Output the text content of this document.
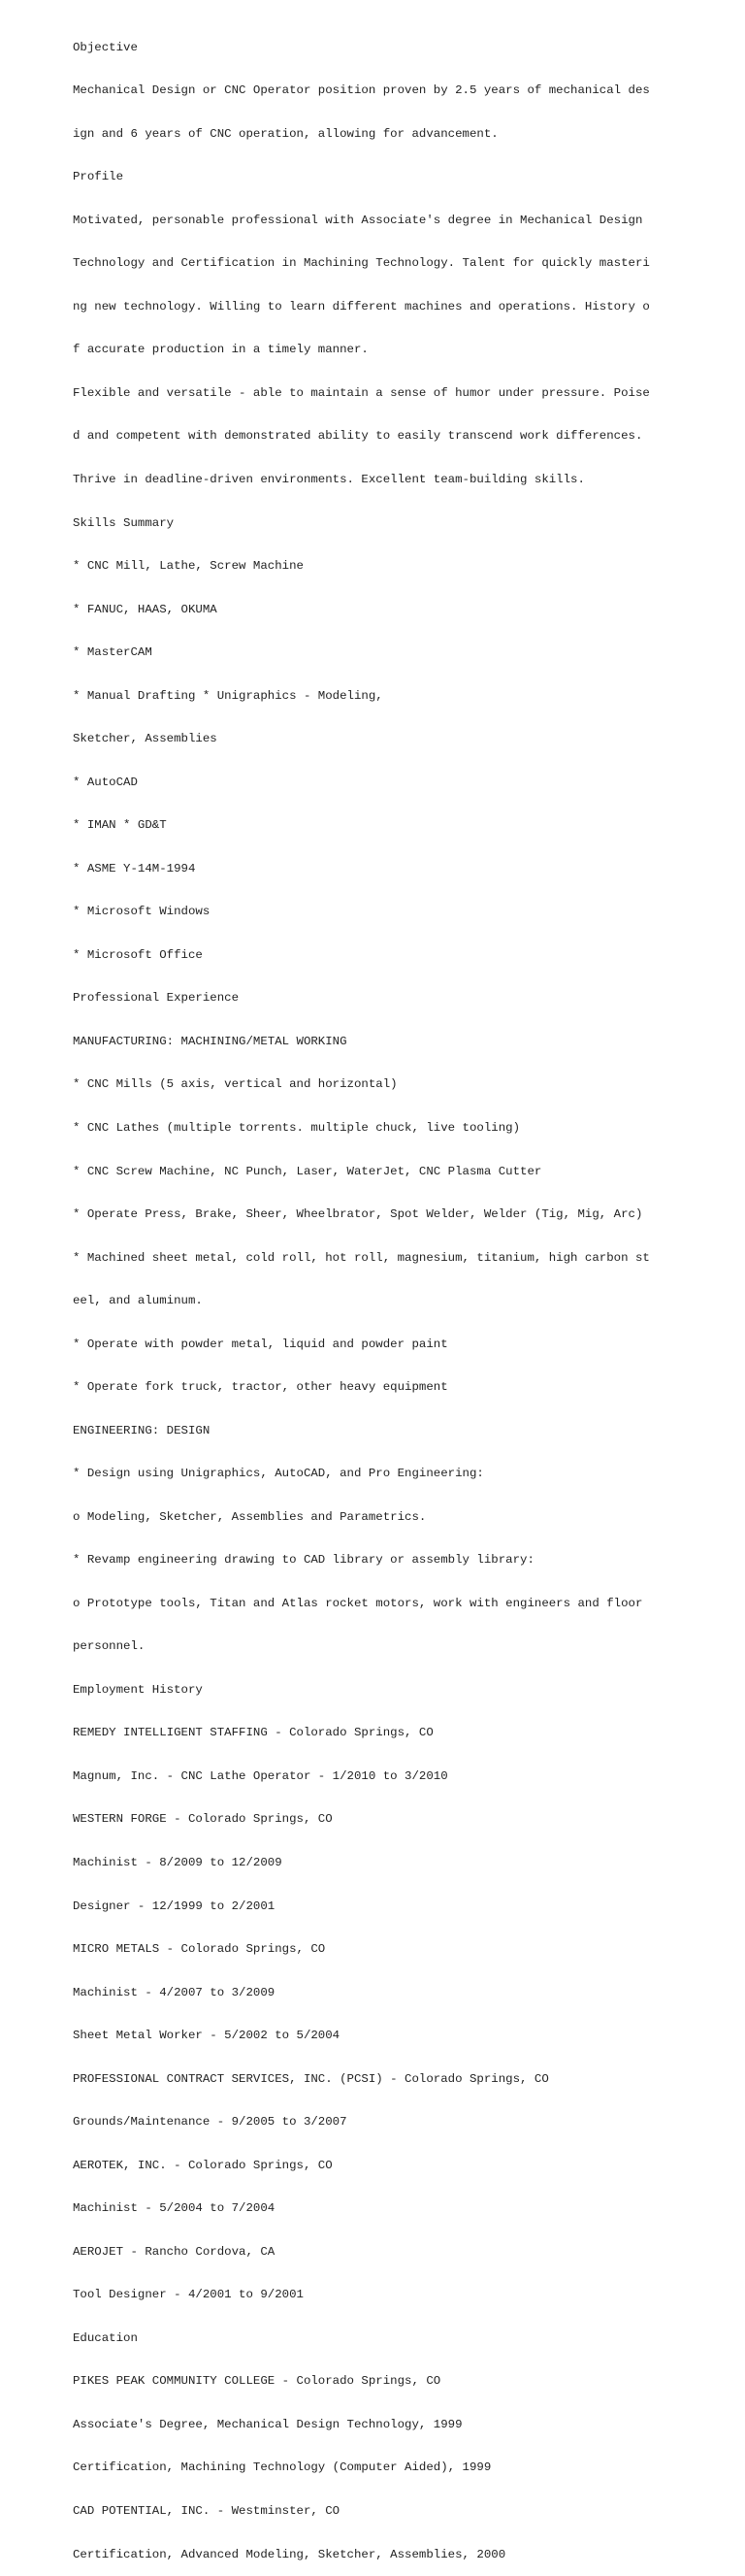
Objective

Mechanical Design or CNC Operator position proven by 2.5 years of mechanical des

ign and 6 years of CNC operation, allowing for advancement.

Profile

Motivated, personable professional with Associate's degree in Mechanical Design

Technology and Certification in Machining Technology. Talent for quickly masteri

ng new technology. Willing to learn different machines and operations. History o

f accurate production in a timely manner.

Flexible and versatile - able to maintain a sense of humor under pressure. Poise

d and competent with demonstrated ability to easily transcend work differences.

Thrive in deadline-driven environments. Excellent team-building skills.

Skills Summary

* CNC Mill, Lathe, Screw Machine

* FANUC, HAAS, OKUMA

* MasterCAM

* Manual Drafting * Unigraphics - Modeling,

Sketcher, Assemblies

* AutoCAD

* IMAN * GD&T

* ASME Y-14M-1994

* Microsoft Windows

* Microsoft Office

Professional Experience

MANUFACTURING: MACHINING/METAL WORKING

* CNC Mills (5 axis, vertical and horizontal)

* CNC Lathes (multiple torrents. multiple chuck, live tooling)

* CNC Screw Machine, NC Punch, Laser, WaterJet, CNC Plasma Cutter

* Operate Press, Brake, Sheer, Wheelbrator, Spot Welder, Welder (Tig, Mig, Arc)

* Machined sheet metal, cold roll, hot roll, magnesium, titanium, high carbon st

eel, and aluminum.

* Operate with powder metal, liquid and powder paint

* Operate fork truck, tractor, other heavy equipment

ENGINEERING: DESIGN

* Design using Unigraphics, AutoCAD, and Pro Engineering:

o Modeling, Sketcher, Assemblies and Parametrics.

* Revamp engineering drawing to CAD library or assembly library:

o Prototype tools, Titan and Atlas rocket motors, work with engineers and floor

personnel.

Employment History

REMEDY INTELLIGENT STAFFING - Colorado Springs, CO

Magnum, Inc. - CNC Lathe Operator - 1/2010 to 3/2010

WESTERN FORGE - Colorado Springs, CO

Machinist - 8/2009 to 12/2009

Designer - 12/1999 to 2/2001

MICRO METALS - Colorado Springs, CO

Machinist - 4/2007 to 3/2009

Sheet Metal Worker - 5/2002 to 5/2004

PROFESSIONAL CONTRACT SERVICES, INC. (PCSI) - Colorado Springs, CO

Grounds/Maintenance - 9/2005 to 3/2007

AEROTEK, INC. - Colorado Springs, CO

Machinist - 5/2004 to 7/2004

AEROJET - Rancho Cordova, CA

Tool Designer - 4/2001 to 9/2001

Education

PIKES PEAK COMMUNITY COLLEGE - Colorado Springs, CO

Associate's Degree, Mechanical Design Technology, 1999

Certification, Machining Technology (Computer Aided), 1999

CAD POTENTIAL, INC. - Westminster, CO

Certification, Advanced Modeling, Sketcher, Assemblies, 2000
